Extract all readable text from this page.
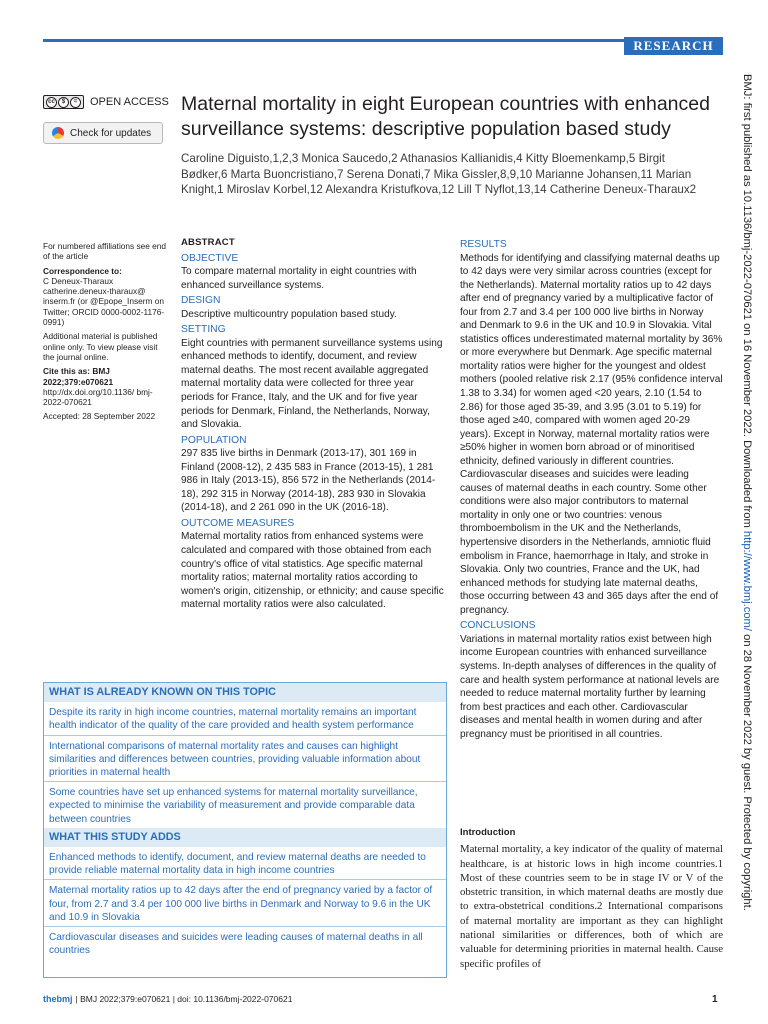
RESEARCH
cc	$	=	OPEN ACCESS
Check for updates
Maternal mortality in eight European countries with enhanced surveillance systems: descriptive population based study
Caroline Diguisto,1,2,3 Monica Saucedo,2 Athanasios Kallianidis,4 Kitty Bloemenkamp,5 Birgit Bødker,6 Marta Buoncristiano,7 Serena Donati,7 Mika Gissler,8,9,10 Marianne Johansen,11 Marian Knight,1 Miroslav Korbel,12 Alexandra Kristufkova,12 Lill T Nyflot,13,14 Catherine Deneux-Tharaux2

For numbered affiliations see end of the article

Correspondence to:
C Deneux-Tharaux catherine.deneux-tharaux@ inserm.fr (or @Epope_Inserm on Twitter; ORCID 0000-0002-1176-0991)

Additional material is published online only. To view please visit the journal online.

Cite this as: BMJ 2022;379:e070621
http://dx.doi.org/10.1136/ bmj-2022-070621

Accepted: 28 September 2022

ABSTRACT

OBJECTIVE

To compare maternal mortality in eight countries with enhanced surveillance systems.

DESIGN

Descriptive multicountry population based study.

SETTING

Eight countries with permanent surveillance systems using enhanced methods to identify, document, and review maternal deaths. The most recent available aggregated maternal mortality data were collected for three year periods for France, Italy, and the UK and for five year periods for Denmark, Finland, the Netherlands, Norway, and Slovakia.

POPULATION

297 835 live births in Denmark (2013-17), 301 169 in Finland (2008-12), 2 435 583 in France (2013-15), 1 281 986 in Italy (2013-15), 856 572 in the Netherlands (2014-18), 292 315 in Norway (2014-18), 283 930 in Slovakia (2014-18), and 2 261 090 in the UK (2016-18).

OUTCOME MEASURES

Maternal mortality ratios from enhanced systems were calculated and compared with those obtained from each country's office of vital statistics. Age specific maternal mortality ratios; maternal mortality ratios according to women's origin, citizenship, or ethnicity; and cause specific maternal mortality ratios were also calculated.

RESULTS

Methods for identifying and classifying maternal deaths up to 42 days were very similar across countries (except for the Netherlands). Maternal mortality ratios up to 42 days after end of pregnancy varied by a multiplicative factor of four from 2.7 and 3.4 per 100 000 live births in Norway and Denmark to 9.6 in the UK and 10.9 in Slovakia. Vital statistics offices underestimated maternal mortality by 36% or more everywhere but Denmark. Age specific maternal mortality ratios were higher for the youngest and oldest mothers (pooled relative risk 2.17 (95% confidence interval 1.38 to 3.34) for women aged <20 years, 2.10 (1.54 to 2.86) for those aged 35-39, and 3.95 (3.01 to 5.19) for those aged ≥40, compared with women aged 20-29 years). Except in Norway, maternal mortality ratios were ≥50% higher in women born abroad or of minoritised ethnicity, defined variously in different countries. Cardiovascular diseases and suicides were leading causes of maternal deaths in each country. Some other conditions were also major contributors to maternal mortality in only one or two countries: venous thromboembolism in the UK and the Netherlands, hypertensive disorders in the Netherlands, amniotic fluid embolism in France, haemorrhage in Italy, and stroke in Slovakia. Only two countries, France and the UK, had enhanced methods for studying late maternal deaths, those occurring between 43 and 365 days after the end of pregnancy.

CONCLUSIONS

Variations in maternal mortality ratios exist between high income European countries with enhanced surveillance systems. In-depth analyses of differences in the quality of care and health system performance at national levels are needed to reduce maternal mortality further by learning from best practices and each other. Cardiovascular diseases and mental health in women during and after pregnancy must be prioritised in all countries.

Introduction
Maternal mortality, a key indicator of the quality of maternal healthcare, is at historic lows in high income countries.1 Most of these countries seem to be in stage IV or V of the obstetric transition, in which maternal deaths are mostly due to extra-obstetrical conditions.2 International comparisons of maternal mortality are important as they can highlight national similarities or differences, both of which are valuable for determining priorities in maternal health. Cause specific profiles of
WHAT IS ALREADY KNOWN ON THIS TOPIC
Despite its rarity in high income countries, maternal mortality remains an important health indicator of the quality of the care provided and health system performance
International comparisons of maternal mortality rates and causes can highlight similarities and differences between countries, providing valuable information about priorities in maternal health
Some countries have set up enhanced systems for maternal mortality surveillance, expected to minimise the variability of measurement and provide comparable data between countries
WHAT THIS STUDY ADDS
Enhanced methods to identify, document, and review maternal deaths are needed to provide reliable maternal mortality data in high income countries
Maternal mortality ratios up to 42 days after the end of pregnancy varied by a factor of four, from 2.7 and 3.4 per 100 000 live births in Denmark and Norway to 9.6 in the UK and 10.9 in Slovakia
Cardiovascular diseases and suicides were leading causes of maternal deaths in all countries
BMJ: first published as 10.1136/bmj-2022-070621 on 16 November 2022. Downloaded from http://www.bmj.com/ on 28 November 2022 by guest. Protected by copyright.
thebmj | BMJ 2022;379:e070621 | doi: 10.1136/bmj-2022-070621	1
